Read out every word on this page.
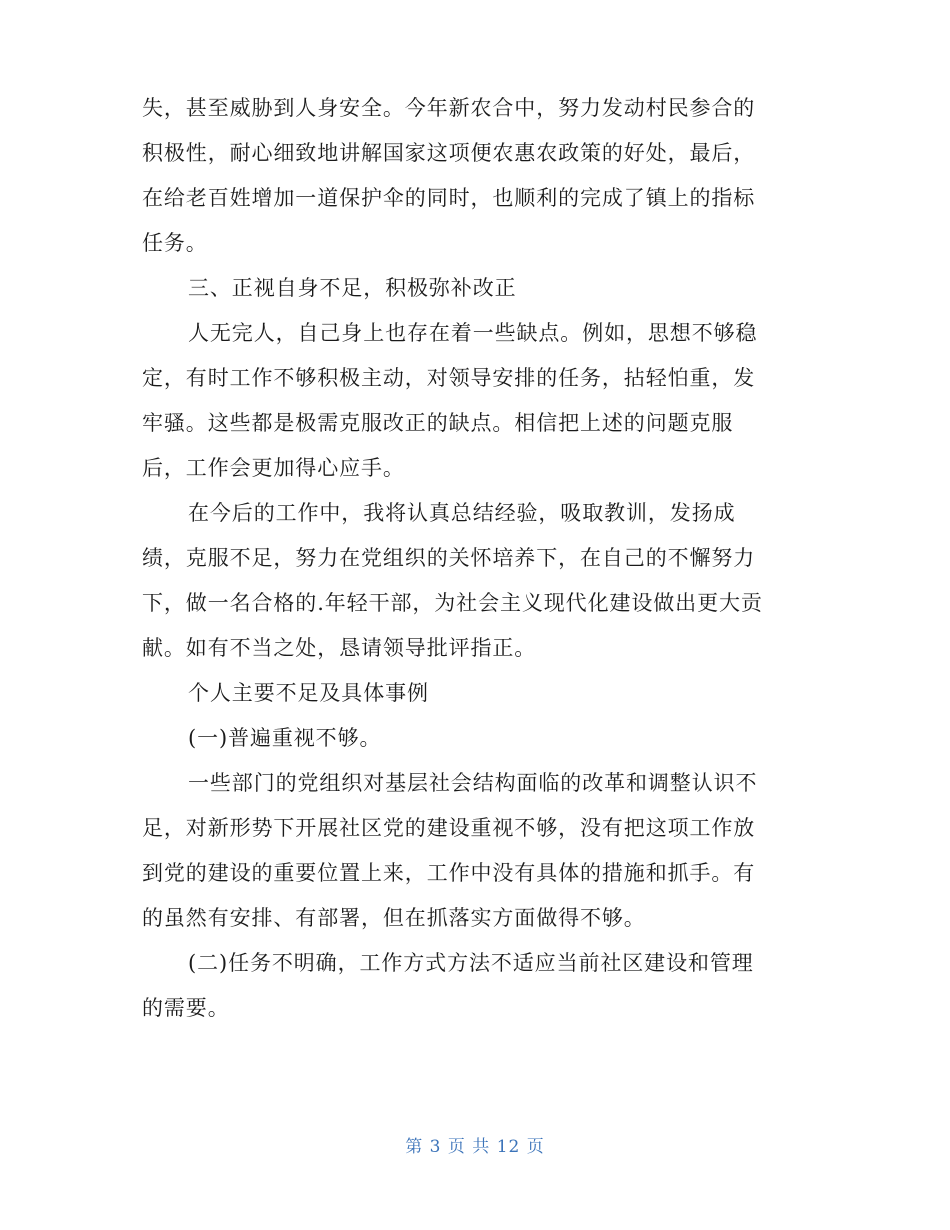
失，甚至威胁到人身安全。今年新农合中，努力发动村民参合的
积极性，耐心细致地讲解国家这项便农惠农政策的好处，最后，
在给老百姓增加一道保护伞的同时，也顺利的完成了镇上的指标
任务。
三、正视自身不足，积极弥补改正
人无完人，自己身上也存在着一些缺点。例如，思想不够稳
定，有时工作不够积极主动，对领导安排的任务，拈轻怕重，发
牢骚。这些都是极需克服改正的缺点。相信把上述的问题克服
后，工作会更加得心应手。
在今后的工作中，我将认真总结经验，吸取教训，发扬成
绩，克服不足，努力在党组织的关怀培养下，在自己的不懈努力
下，做一名合格的.年轻干部，为社会主义现代化建设做出更大贡
献。如有不当之处，恳请领导批评指正。
个人主要不足及具体事例
(一)普遍重视不够。
一些部门的党组织对基层社会结构面临的改革和调整认识不
足，对新形势下开展社区党的建设重视不够，没有把这项工作放
到党的建设的重要位置上来，工作中没有具体的措施和抓手。有
的虽然有安排、有部署，但在抓落实方面做得不够。
(二)任务不明确，工作方式方法不适应当前社区建设和管理
的需要。
第 3 页 共 12 页
